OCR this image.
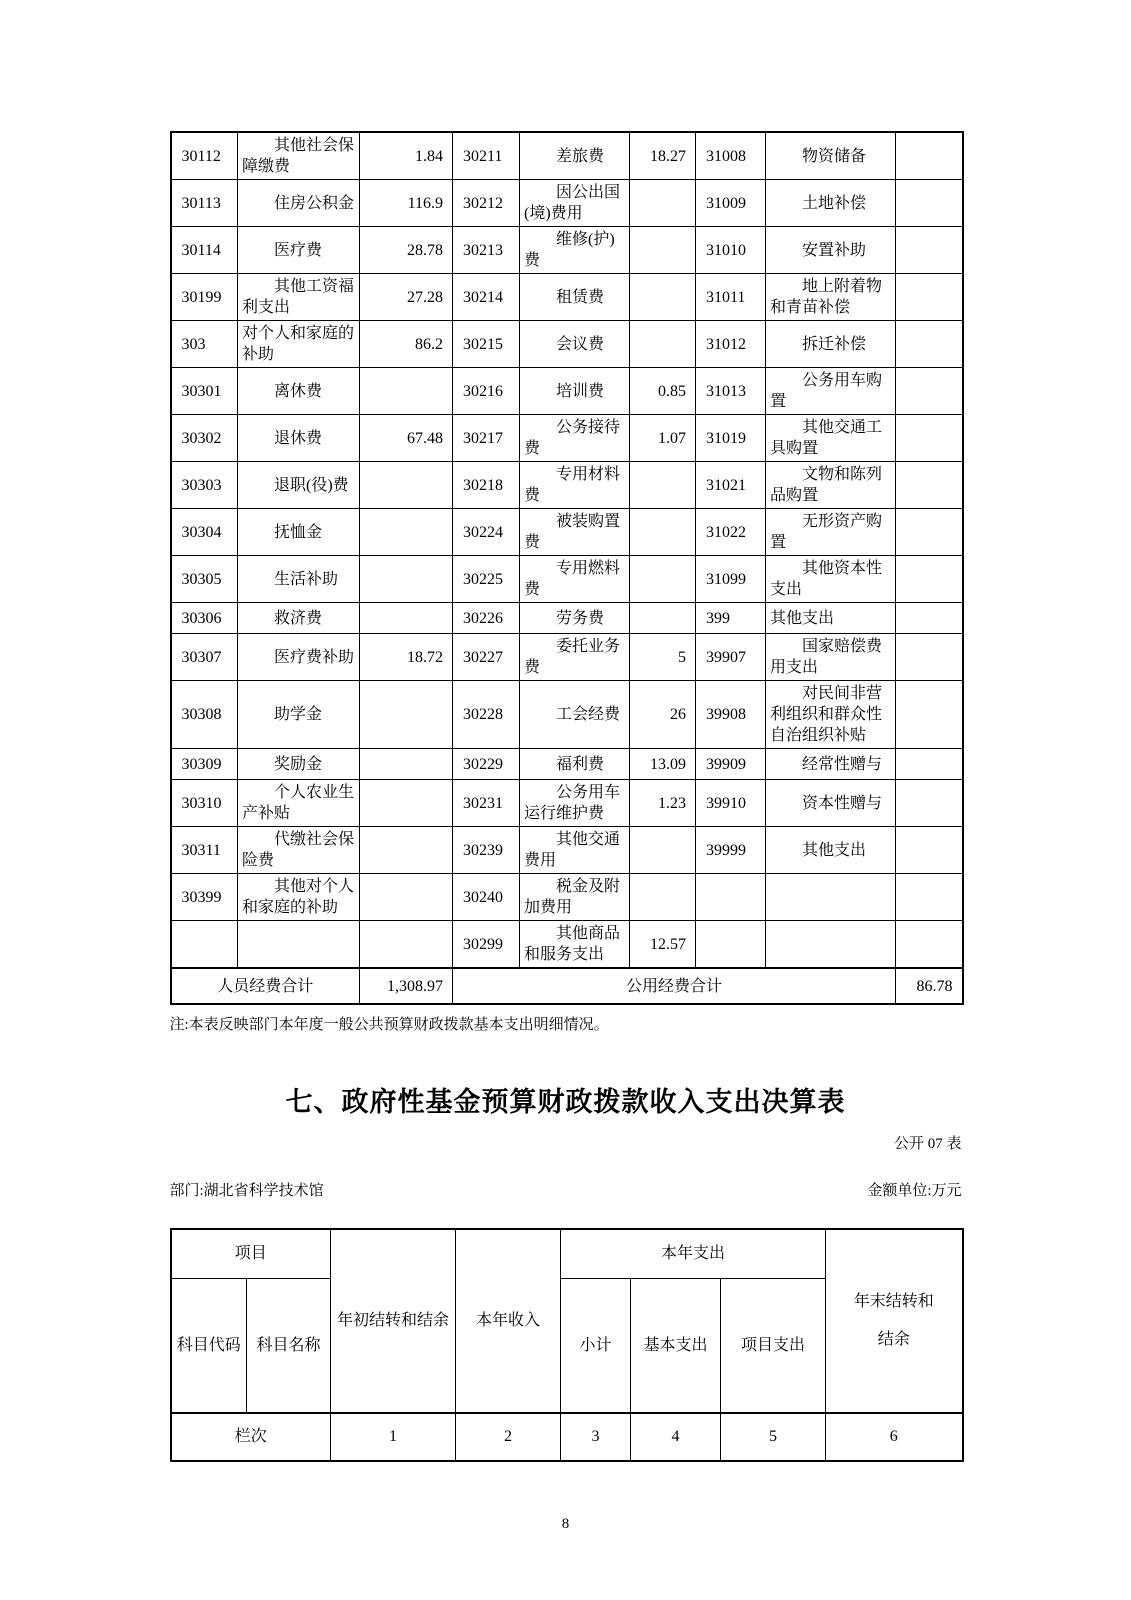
30112	其他社会保障缴费	1.84	30211	差旅费	18.27	31008	物资储备	
30113	住房公积金	116.9	30212	因公出国(境)费用		31009	土地补偿	
30114	医疗费	28.78	30213	维修(护)费		31010	安置补助	
30199	其他工资福利支出	27.28	30214	租赁费		31011	地上附着物和青苗补偿	
303	对个人和家庭的补助	86.2	30215	会议费		31012	拆迁补偿	
30301	离休费		30216	培训费	0.85	31013	公务用车购置	
30302	退休费	67.48	30217	公务接待费	1.07	31019	其他交通工具购置	
30303	退职(役)费		30218	专用材料费		31021	文物和陈列品购置	
30304	抚恤金		30224	被装购置费		31022	无形资产购置	
30305	生活补助		30225	专用燃料费		31099	其他资本性支出	
30306	救济费		30226	劳务费		399	其他支出	
30307	医疗费补助	18.72	30227	委托业务费	5	39907	国家赔偿费用支出	
30308	助学金		30228	工会经费	26	39908	对民间非营利组织和群众性自治组织补贴	
30309	奖励金		30229	福利费	13.09	39909	经常性赠与	
30310	个人农业生产补贴		30231	公务用车运行维护费	1.23	39910	资本性赠与	
30311	代缴社会保险费		30239	其他交通费用		39999	其他支出	
30399	其他对个人和家庭的补助		30240	税金及附加费用				
			30299	其他商品和服务支出	12.57			
人员经费合计		1,308.97	公用经费合计					86.78
注:本表反映部门本年度一般公共预算财政拨款基本支出明细情况。
七、政府性基金预算财政拨款收入支出决算表
公开 07 表
部门:湖北省科学技术馆	金额单位:万元
项目		年初结转和结余	本年收入	本年支出			年末结转和结余
科目代码	科目名称			小计	基本支出	项目支出	
栏次		1	2	3	4	5	6
8
